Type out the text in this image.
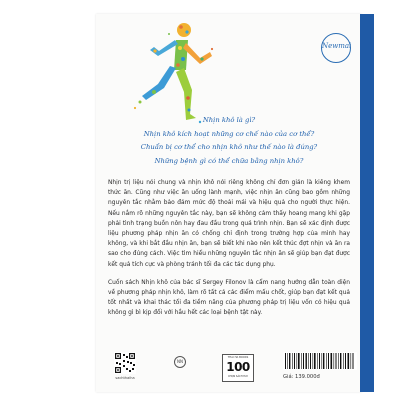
Newmai
Nhịn khô là gì?
Nhịn khô kích hoạt những cơ chế nào của cơ thể?
Chuẩn bị cơ thể cho nhịn khô như thế nào là đúng?
Những bệnh gì có thể chữa bằng nhịn khô?

Nhịn trị liệu nói chung và nhịn khô nói riêng không chỉ đơn giản là kiêng khem thức ăn. Cũng như việc ăn uống lành mạnh, việc nhịn ăn cũng bao gồm những nguyên tắc nhằm bảo đảm mức độ thoải mái và hiệu quả cho người thực hiện. Nếu nắm rõ những nguyên tắc này, bạn sẽ không cảm thấy hoang mang khi gặp phải tình trạng buồn nôn hay đau đầu trong quá trình nhịn. Bạn sẽ xác định được liệu phương pháp nhịn ăn có chống chỉ định trong trường hợp của mình hay không, và khi bắt đầu nhịn ăn, bạn sẽ biết khi nào nên kết thúc đợt nhịn và ăn ra sao cho đúng cách. Việc tìm hiểu những nguyên tắc nhịn ăn sẽ giúp bạn đạt được kết quả tích cực và phòng tránh tối đa các tác dụng phụ.

Cuốn sách Nhịn khô của bác sĩ Sergey Filonov là cẩm nang hướng dẫn toàn diện về phương pháp nhịn khô, làm rõ tất cả các điểm mấu chốt, giúp bạn đạt kết quả tốt nhất và khai thác tối đa tiềm năng của phương pháp trị liệu vốn có hiệu quả không gì bì kịp đối với hầu hết các loại bệnh tật này.

sachthaiha
NN
THAI HA BOOKS
100
CHỌN SÁCH HAY	Giá: 139.000đ
